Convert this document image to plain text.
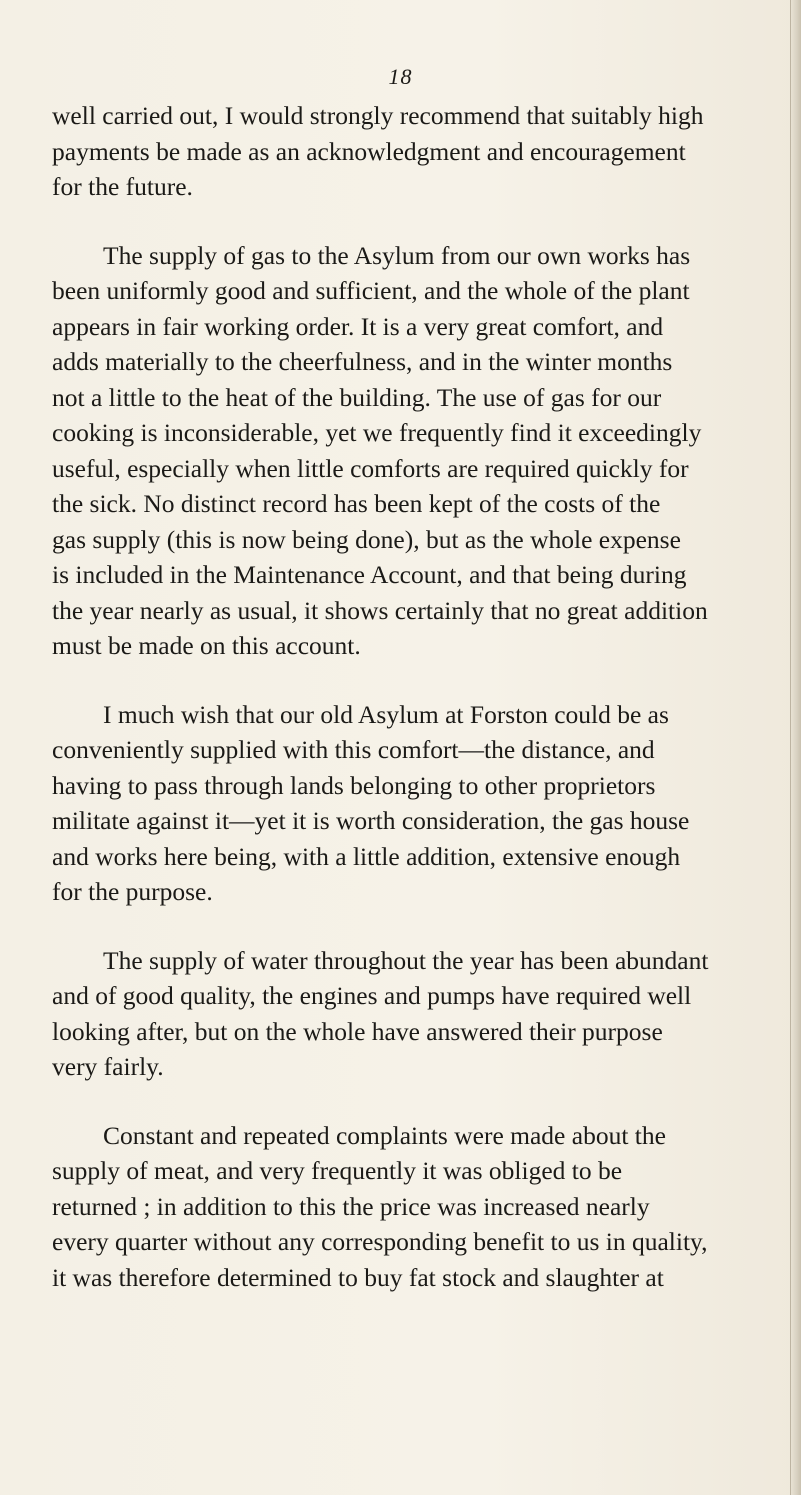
18
well carried out, I would strongly recommend that suitably high
payments be made as an acknowledgment and encouragement
for the future.
The supply of gas to the Asylum from our own works has
been uniformly good and sufficient, and the whole of the plant
appears in fair working order. It is a very great comfort, and
adds materially to the cheerfulness, and in the winter months
not a little to the heat of the building. The use of gas for our
cooking is inconsiderable, yet we frequently find it exceedingly
useful, especially when little comforts are required quickly for
the sick. No distinct record has been kept of the costs of the
gas supply (this is now being done), but as the whole expense
is included in the Maintenance Account, and that being during
the year nearly as usual, it shows certainly that no great addition
must be made on this account.
I much wish that our old Asylum at Forston could be as
conveniently supplied with this comfort—the distance, and
having to pass through lands belonging to other proprietors
militate against it—yet it is worth consideration, the gas house
and works here being, with a little addition, extensive enough
for the purpose.
The supply of water throughout the year has been abundant
and of good quality, the engines and pumps have required well
looking after, but on the whole have answered their purpose
very fairly.
Constant and repeated complaints were made about the
supply of meat, and very frequently it was obliged to be
returned ; in addition to this the price was increased nearly
every quarter without any corresponding benefit to us in quality,
it was therefore determined to buy fat stock and slaughter at
